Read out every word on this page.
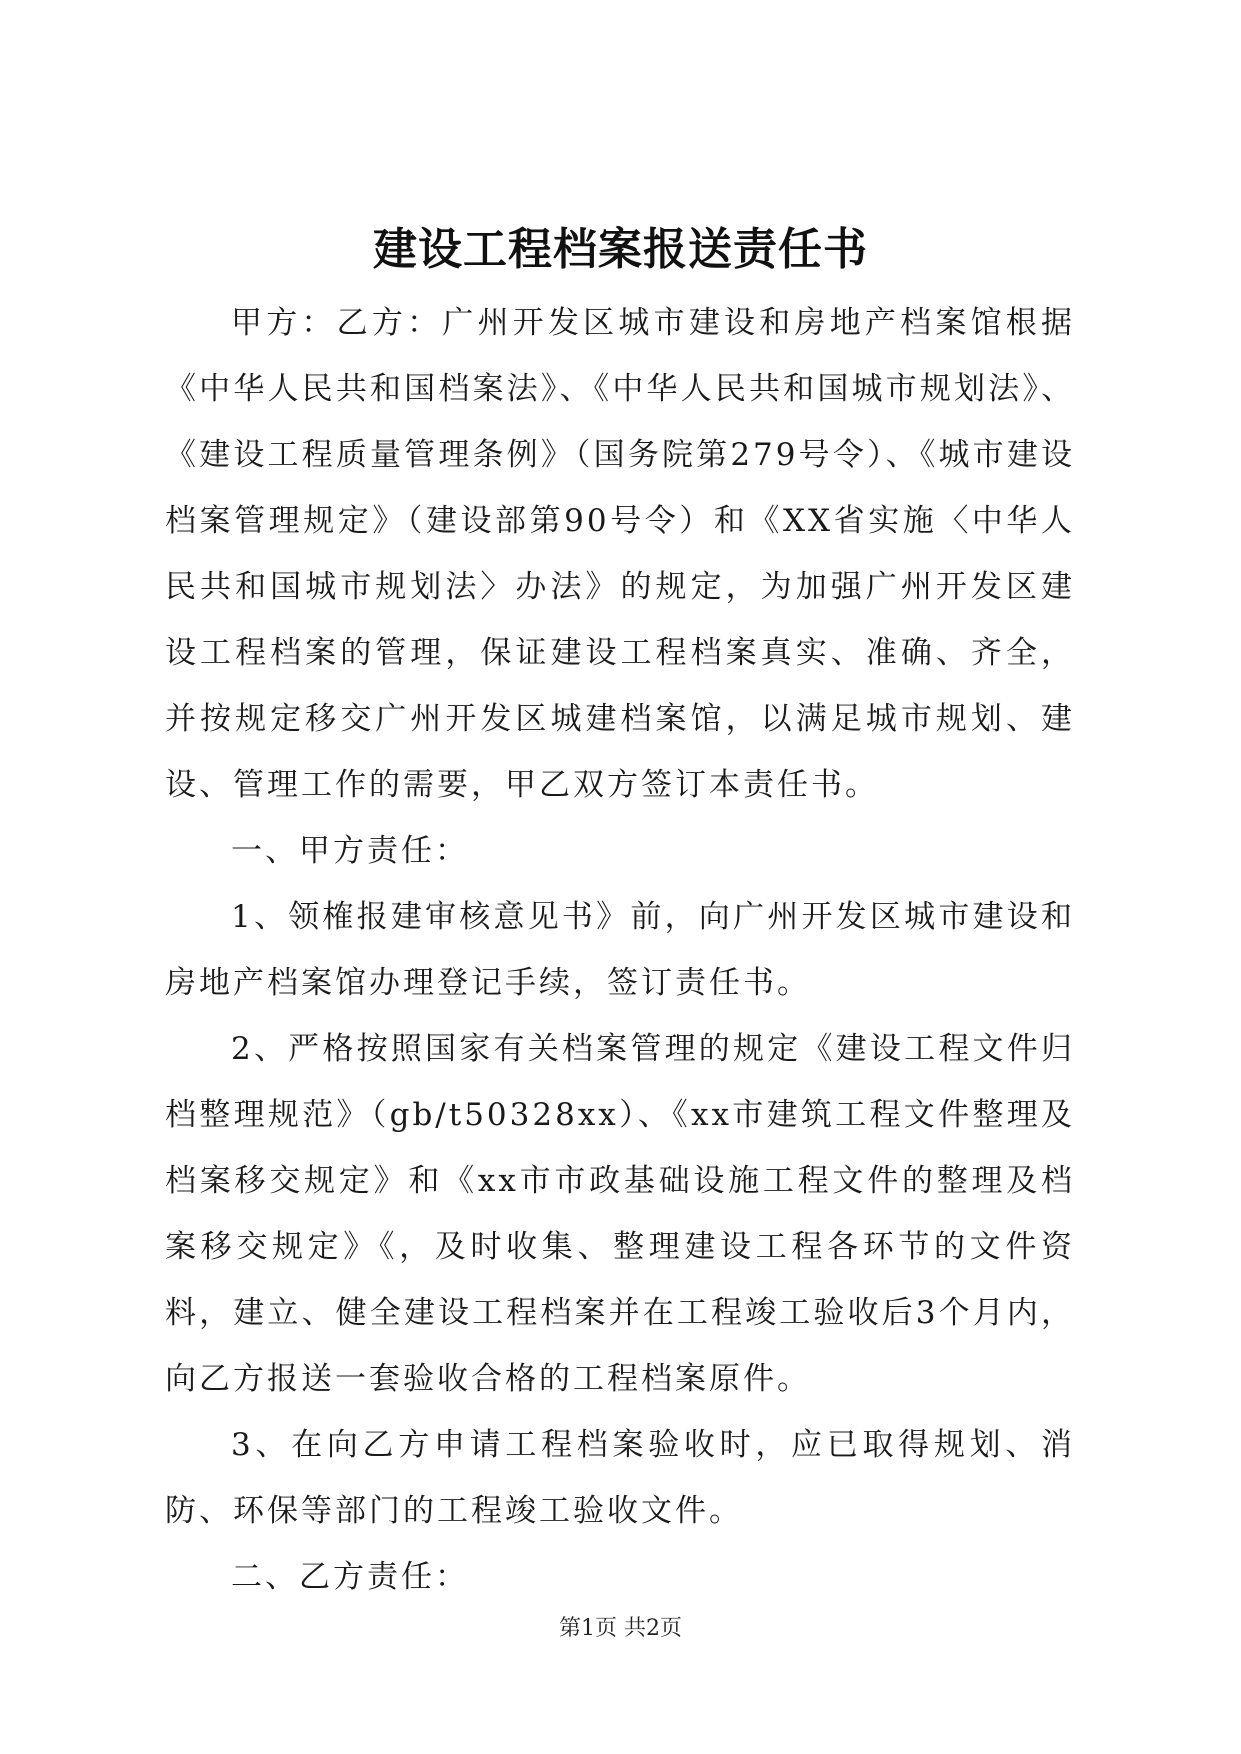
建设工程档案报送责任书

甲方：乙方：广州开发区城市建设和房地产档案馆根据《中华人民共和国档案法》、《中华人民共和国城市规划法》、《建设工程质量管理条例》（国务院第279号令）、《城市建设档案管理规定》（建设部第90号令）和《XX省实施〈中华人民共和国城市规划法〉办法》的规定，为加强广州开发区建设工程档案的管理，保证建设工程档案真实、准确、齐全，并按规定移交广州开发区城建档案馆，以满足城市规划、建设、管理工作的需要，甲乙双方签订本责任书。

一、甲方责任：

1、领榷报建审核意见书》前，向广州开发区城市建设和房地产档案馆办理登记手续，签订责任书。

2、严格按照国家有关档案管理的规定《建设工程文件归档整理规范》（gb/t50328xx）、《xx市建筑工程文件整理及档案移交规定》和《xx市市政基础设施工程文件的整理及档案移交规定》《，及时收集、整理建设工程各环节的文件资料，建立、健全建设工程档案并在工程竣工验收后3个月内，向乙方报送一套验收合格的工程档案原件。

3、在向乙方申请工程档案验收时，应已取得规划、消防、环保等部门的工程竣工验收文件。

二、乙方责任：

第1页 共2页
